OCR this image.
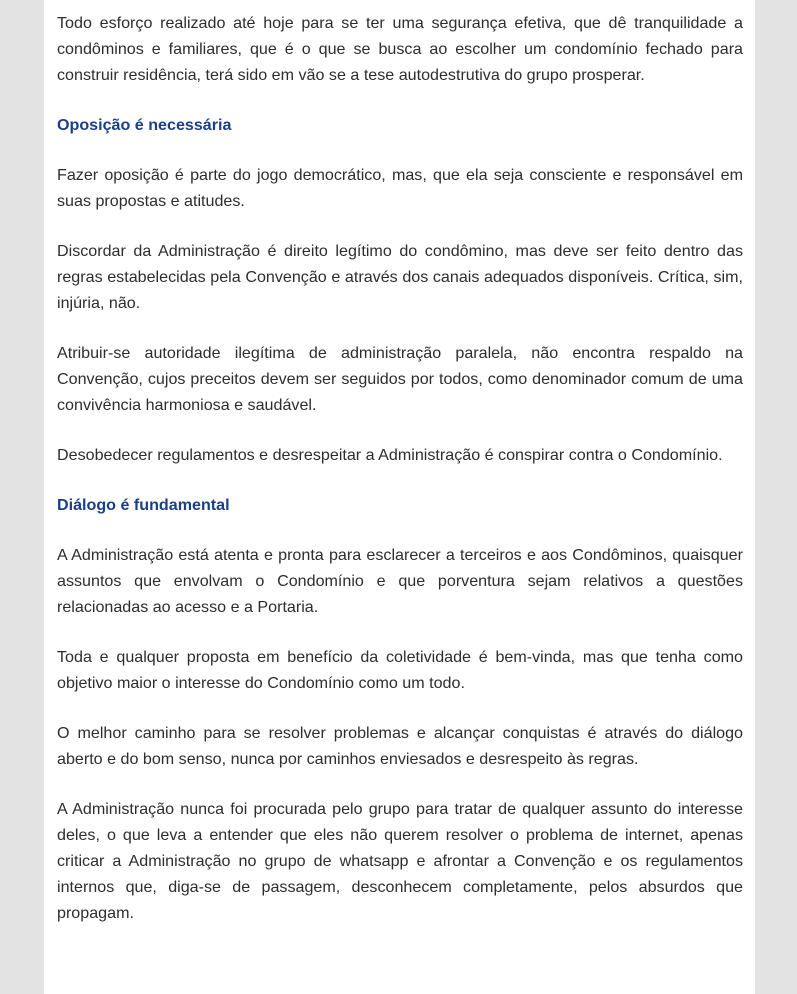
Todo esforço realizado até hoje para se ter uma segurança efetiva, que dê tranquilidade a condôminos e familiares, que é o que se busca ao escolher um condomínio fechado para construir residência, terá sido em vão se a tese autodestrutiva do grupo prosperar.

Oposição é necessária

Fazer oposição é parte do jogo democrático, mas, que ela seja consciente e responsável em suas propostas e atitudes.

Discordar da Administração é direito legítimo do condômino, mas deve ser feito dentro das regras estabelecidas pela Convenção e através dos canais adequados disponíveis. Crítica, sim, injúria, não.

Atribuir-se autoridade ilegítima de administração paralela, não encontra respaldo na Convenção, cujos preceitos devem ser seguidos por todos, como denominador comum de uma convivência harmoniosa e saudável.

Desobedecer regulamentos e desrespeitar a Administração é conspirar contra o Condomínio.

Diálogo é fundamental

A Administração está atenta e pronta para esclarecer a terceiros e aos Condôminos, quaisquer assuntos que envolvam o Condomínio e que porventura sejam relativos a questões relacionadas ao acesso e a Portaria.

Toda e qualquer proposta em benefício da coletividade é bem-vinda, mas que tenha como objetivo maior o interesse do Condomínio como um todo.

O melhor caminho para se resolver problemas e alcançar conquistas é através do diálogo aberto e do bom senso, nunca por caminhos enviesados e desrespeito às regras.

A Administração nunca foi procurada pelo grupo para tratar de qualquer assunto do interesse deles, o que leva a entender que eles não querem resolver o problema de internet, apenas criticar a Administração no grupo de whatsapp e afrontar a Convenção e os regulamentos internos que, diga-se de passagem, desconhecem completamente, pelos absurdos que propagam.
